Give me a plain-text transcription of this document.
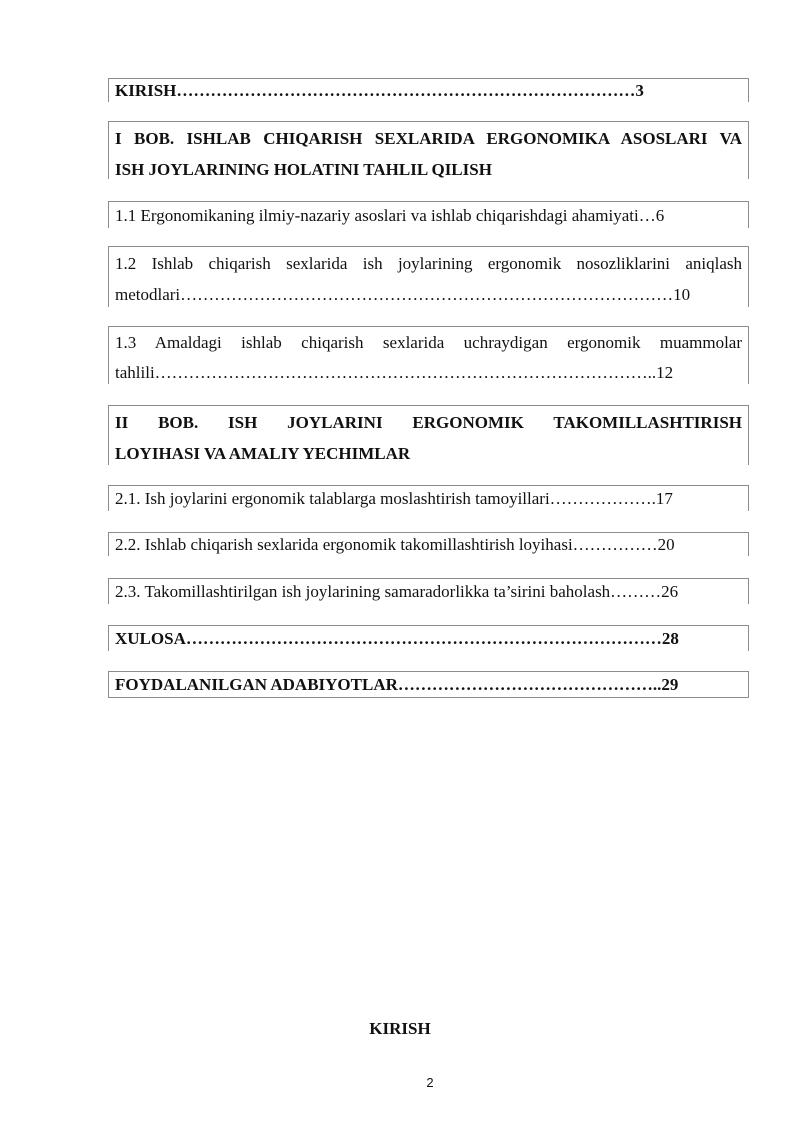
KIRISH………………………………………………………………………3
I BOB. ISHLAB CHIQARISH SEXLARIDA ERGONOMIKA ASOSLARI VA
ISH JOYLARINING HOLATINI TAHLIL QILISH
1.1 Ergonomikaning ilmiy-nazariy asoslari va ishlab chiqarishdagi ahamiyati…6
1.2 Ishlab chiqarish sexlarida ish joylarining ergonomik nosozliklarini aniqlash
metodlari……………………………………………………………………………10
1.3 Amaldagi ishlab chiqarish sexlarida uchraydigan ergonomik muammolar
tahlili……………………………………………………………………………..12
II BOB. ISH JOYLARINI ERGONOMIK TAKOMILLASHTIRISH
LOYIHASI VA AMALIY YECHIMLAR
2.1. Ish joylarini ergonomik talablarga moslashtirish tamoyillari……………….17
2.2. Ishlab chiqarish sexlarida ergonomik takomillashtirish loyihasi……………20
2.3. Takomillashtirilgan ish joylarining samaradorlikka ta’sirini baholash………26
XULOSA…………………………………………………………………………28
FOYDALANILGAN ADABIYOTLAR………………………………………..29
KIRISH
2
